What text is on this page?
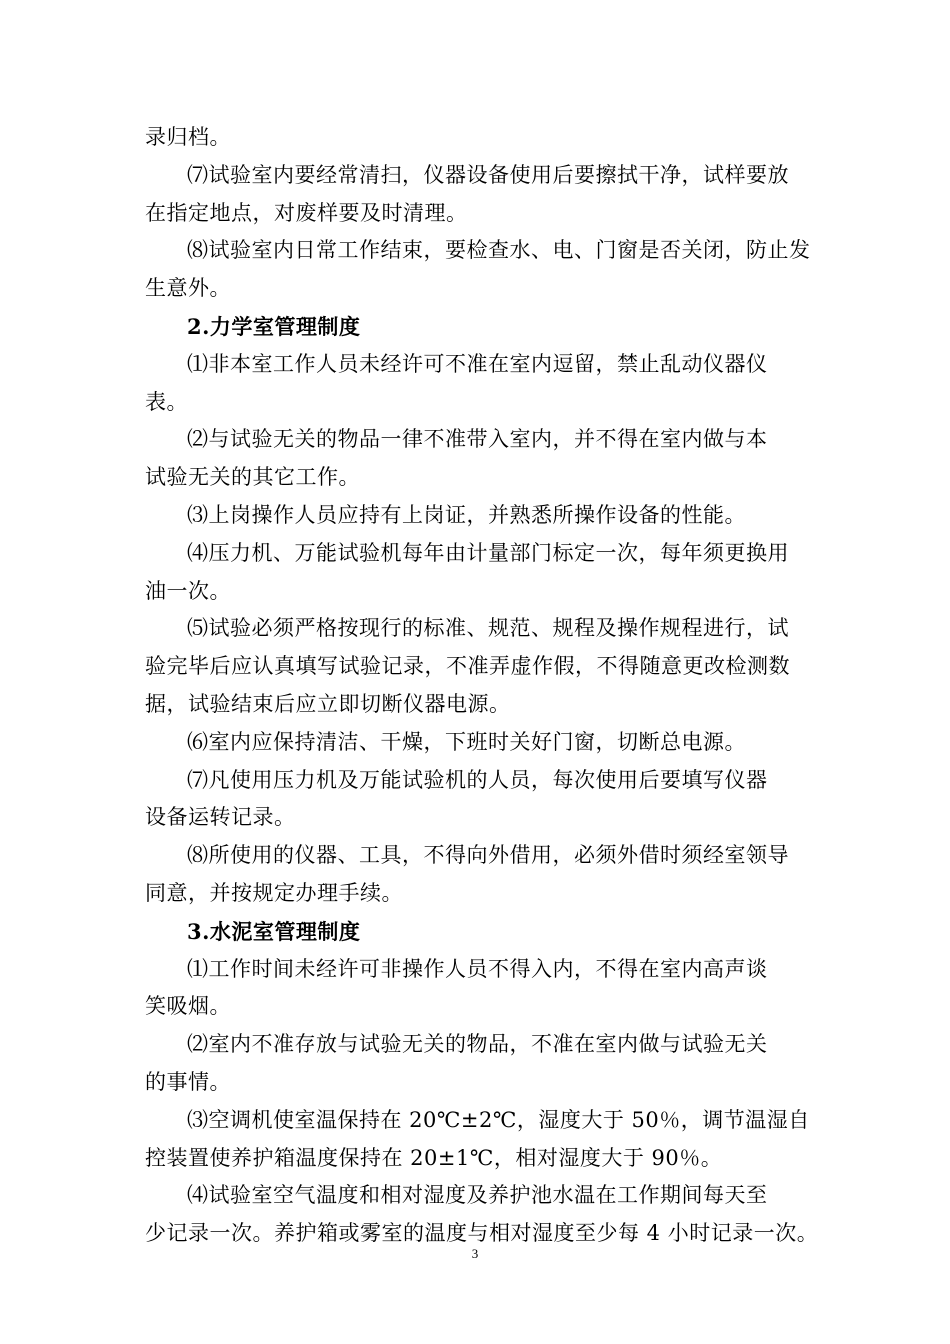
录归档。
⑺试验室内要经常清扫，仪器设备使用后要擦拭干净，试样要放
在指定地点，对废样要及时清理。
⑻试验室内日常工作结束，要检查水、电、门窗是否关闭，防止发
生意外。
2.力学室管理制度
⑴非本室工作人员未经许可不准在室内逗留，禁止乱动仪器仪
表。
⑵与试验无关的物品一律不准带入室内，并不得在室内做与本
试验无关的其它工作。
⑶上岗操作人员应持有上岗证，并熟悉所操作设备的性能。
⑷压力机、万能试验机每年由计量部门标定一次，每年须更换用
油一次。
⑸试验必须严格按现行的标准、规范、规程及操作规程进行，试
验完毕后应认真填写试验记录，不准弄虚作假，不得随意更改检测数
据，试验结束后应立即切断仪器电源。
⑹室内应保持清洁、干燥，下班时关好门窗，切断总电源。
⑺凡使用压力机及万能试验机的人员，每次使用后要填写仪器
设备运转记录。
⑻所使用的仪器、工具，不得向外借用，必须外借时须经室领导
同意，并按规定办理手续。
3.水泥室管理制度
⑴工作时间未经许可非操作人员不得入内，不得在室内高声谈
笑吸烟。
⑵室内不准存放与试验无关的物品，不准在室内做与试验无关
的事情。
⑶空调机使室温保持在 20℃±2℃，湿度大于 50％，调节温湿自
控装置使养护箱温度保持在 20±1℃，相对湿度大于 90％。
⑷试验室空气温度和相对湿度及养护池水温在工作期间每天至
少记录一次。养护箱或雾室的温度与相对湿度至少每 4 小时记录一次。
3
